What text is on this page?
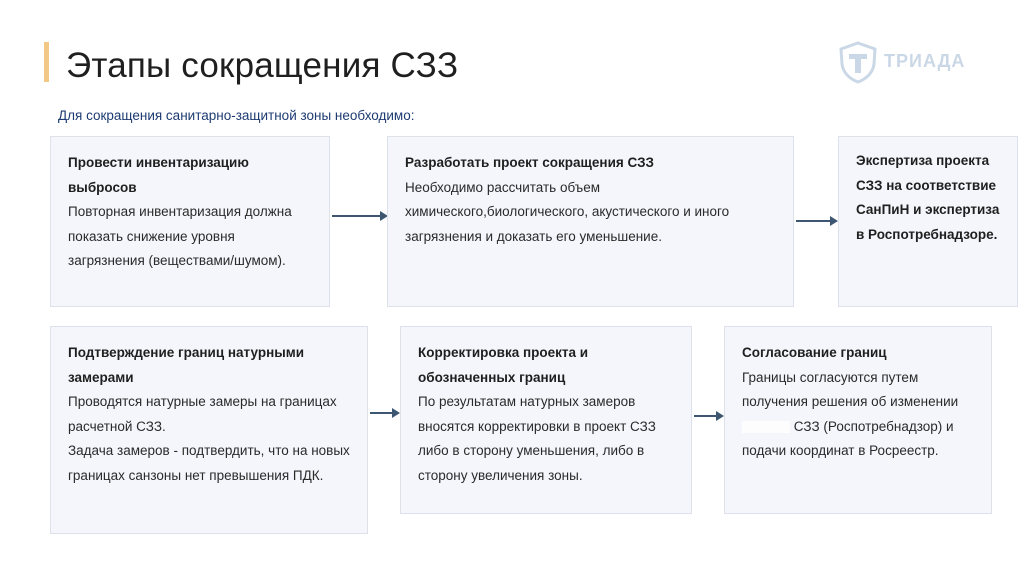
Этапы сокращения СЗЗ	ТРИАДА
Для сокращения санитарно-защитной зоны необходимо:

Провести инвентаризацию выбросов

Повторная инвентаризация должна показать снижение уровня загрязнения (веществами/шумом).

Разработать проект сокращения СЗЗ

Необходимо рассчитать объем химического,биологического, акустического и иного загрязнения и доказать его уменьшение.

Экспертиза проекта СЗЗ на соответствие СанПиН и экспертиза в Роспотребнадзоре.

Подтверждение границ натурными замерами

Проводятся натурные замеры на границах расчетной СЗЗ.

Задача замеров - подтвердить, что на новых границах санзоны нет превышения ПДК.

Корректировка проекта и обозначенных границ

По результатам натурных замеров вносятся корректировки в проект СЗЗ либо в сторону уменьшения, либо в сторону увеличения зоны.

Согласование границ

Границы согласуются путем получения решения об изменении  СЗЗ (Роспотребнадзор) и подачи координат в Росреестр.
